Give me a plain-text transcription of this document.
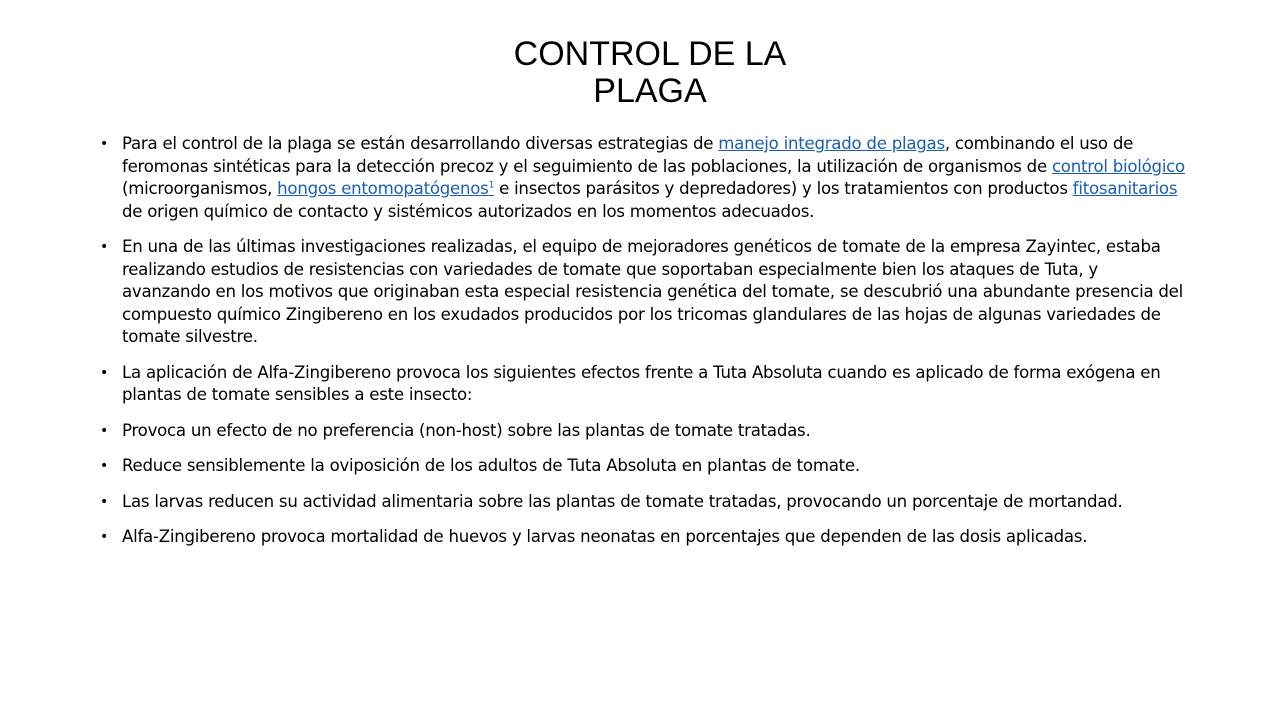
CONTROL DE LA
PLAGA
• Para el control de la plaga se están desarrollando diversas estrategias de manejo integrado de plagas, combinando el uso de feromonas sintéticas para la detección precoz y el seguimiento de las poblaciones, la utilización de organismos de control biológico (microorganismos, hongos entomopatógenos$^1$ e insectos parásitos y depredadores) y los tratamientos con productos fitosanitarios de origen químico de contacto y sistémicos autorizados en los momentos adecuados.
• En una de las últimas investigaciones realizadas, el equipo de mejoradores genéticos de tomate de la empresa Zayintec, estaba realizando estudios de resistencias con variedades de tomate que soportaban especialmente bien los ataques de Tuta, y avanzando en los motivos que originaban esta especial resistencia genética del tomate, se descubrió una abundante presencia del compuesto químico Zingibereno en los exudados producidos por los tricomas glandulares de las hojas de algunas variedades de tomate silvestre.
• La aplicación de Alfa-Zingibereno provoca los siguientes efectos frente a Tuta Absoluta cuando es aplicado de forma exógena en plantas de tomate sensibles a este insecto:
• Provoca un efecto de no preferencia (non-host) sobre las plantas de tomate tratadas.
• Reduce sensiblemente la oviposición de los adultos de Tuta Absoluta en plantas de tomate.
• Las larvas reducen su actividad alimentaria sobre las plantas de tomate tratadas, provocando un porcentaje de mortandad.
• Alfa-Zingibereno provoca mortalidad de huevos y larvas neonatas en porcentajes que dependen de las dosis aplicadas.
